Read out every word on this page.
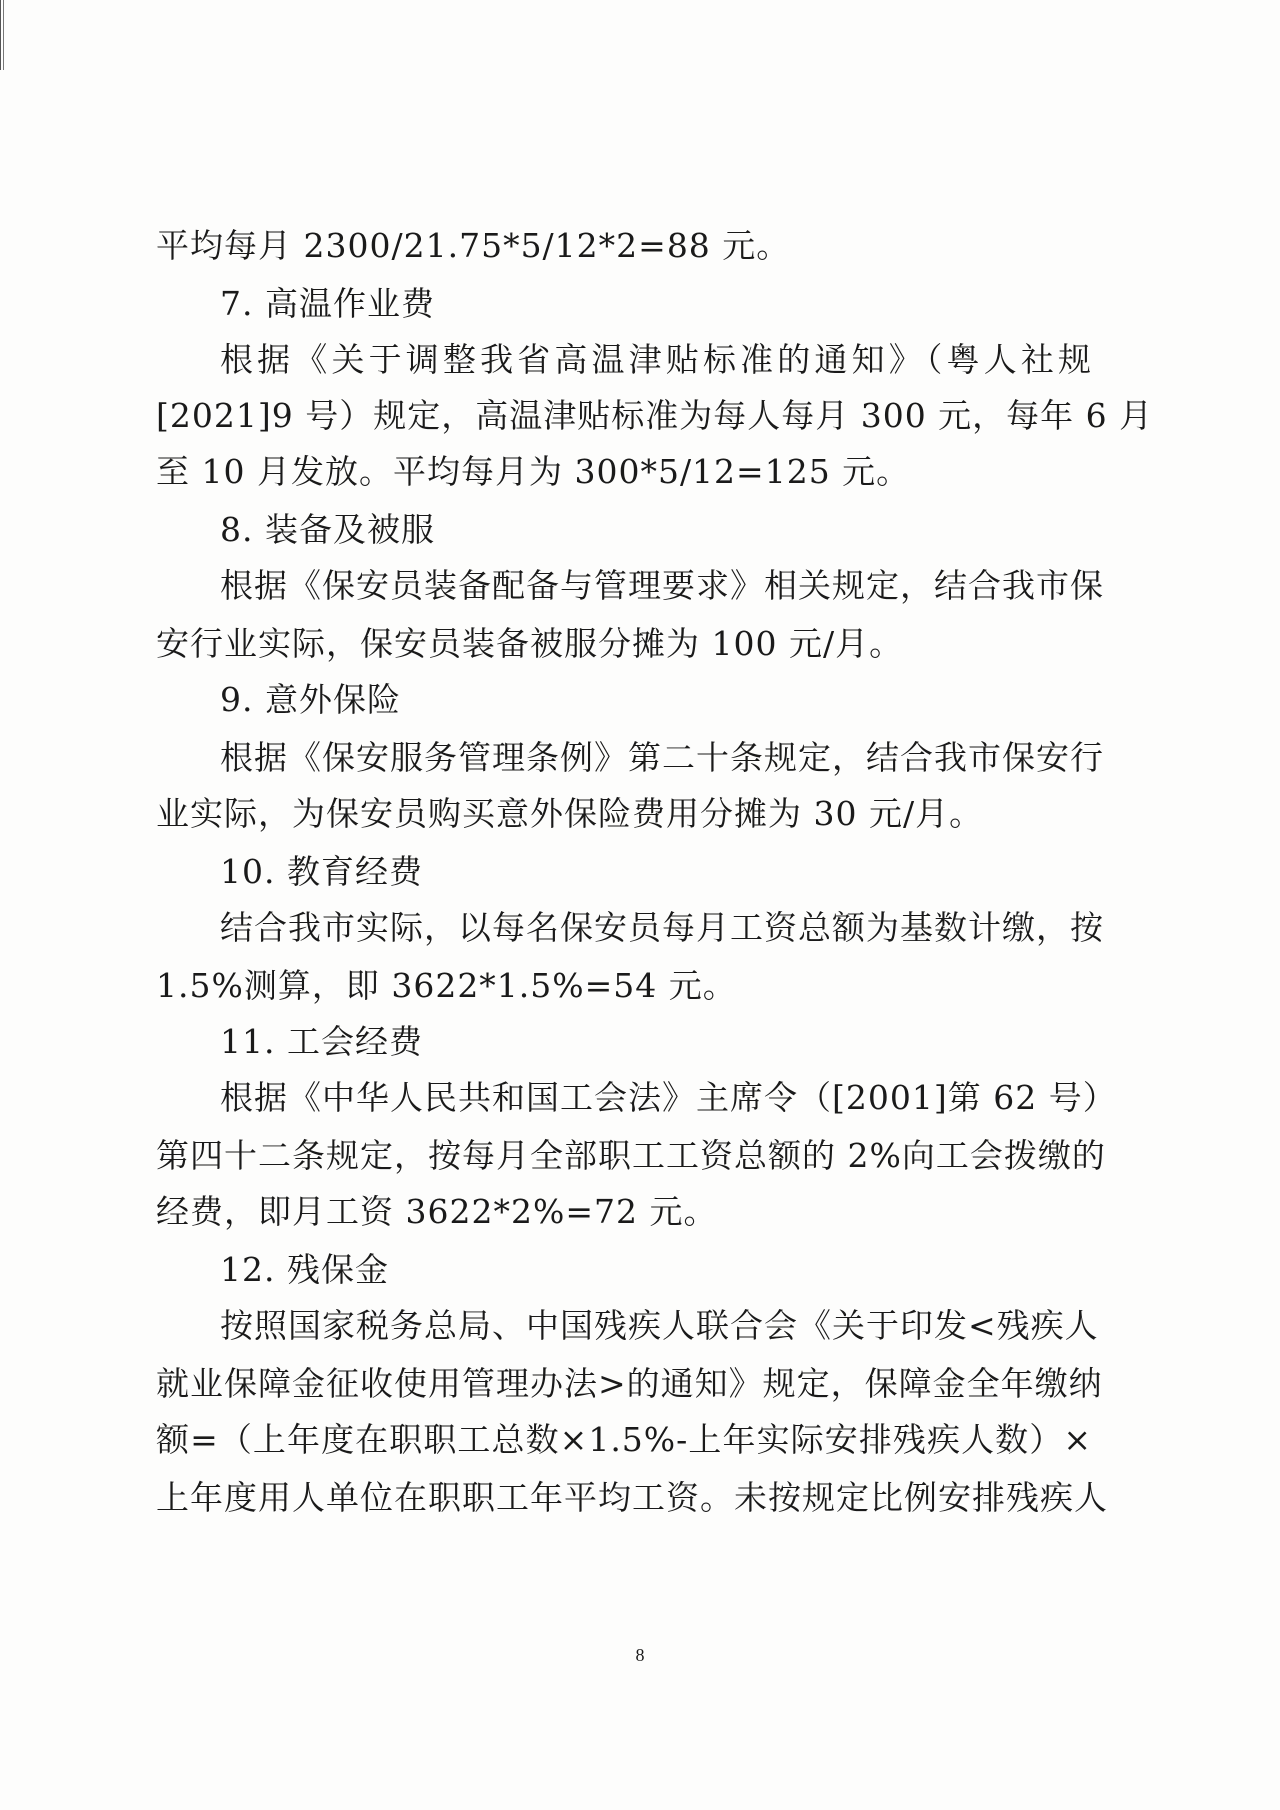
平均每月 2300/21.75*5/12*2=88 元。
7. 高温作业费
根据《关于调整我省高温津贴标准的通知》（粤人社规
[2021]9 号）规定，高温津贴标准为每人每月 300 元，每年 6 月
至 10 月发放。平均每月为 300*5/12=125 元。
8. 装备及被服
根据《保安员装备配备与管理要求》相关规定，结合我市保
安行业实际，保安员装备被服分摊为 100 元/月。
9. 意外保险
根据《保安服务管理条例》第二十条规定，结合我市保安行
业实际，为保安员购买意外保险费用分摊为 30 元/月。
10. 教育经费
结合我市实际，以每名保安员每月工资总额为基数计缴，按
1.5%测算，即 3622*1.5%=54 元。
11. 工会经费
根据《中华人民共和国工会法》主席令（[2001]第 62 号）
第四十二条规定，按每月全部职工工资总额的 2%向工会拨缴的
经费，即月工资 3622*2%=72 元。
12. 残保金
按照国家税务总局、中国残疾人联合会《关于印发<残疾人
就业保障金征收使用管理办法>的通知》规定，保障金全年缴纳
额=（上年度在职职工总数×1.5%-上年实际安排残疾人数）×
上年度用人单位在职职工年平均工资。未按规定比例安排残疾人
8
